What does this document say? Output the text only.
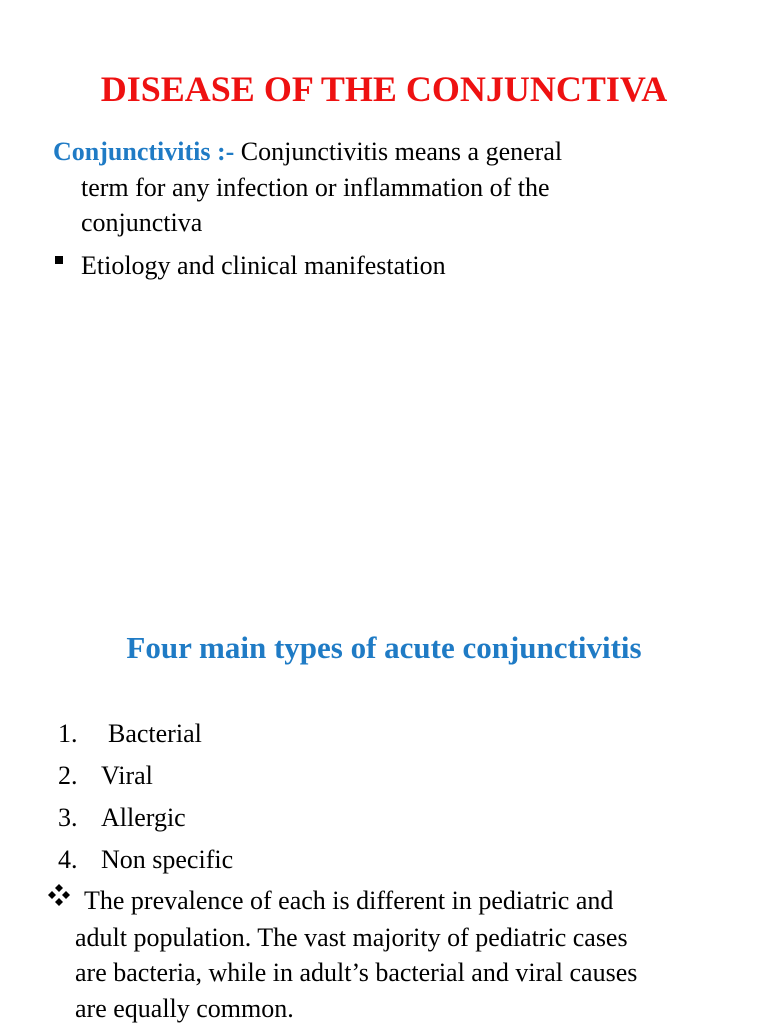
DISEASE OF THE CONJUNCTIVA
Conjunctivitis :- Conjunctivitis means a general
term for any infection or inflammation of the
conjunctiva
Etiology and clinical manifestation
Four main types of acute conjunctivitis
1. Bacterial
2. Viral
3. Allergic
4. Non specific
The prevalence of each is different in pediatric and
adult population. The vast majority of pediatric cases
are bacteria, while in adult’s bacterial and viral causes
are equally common.
